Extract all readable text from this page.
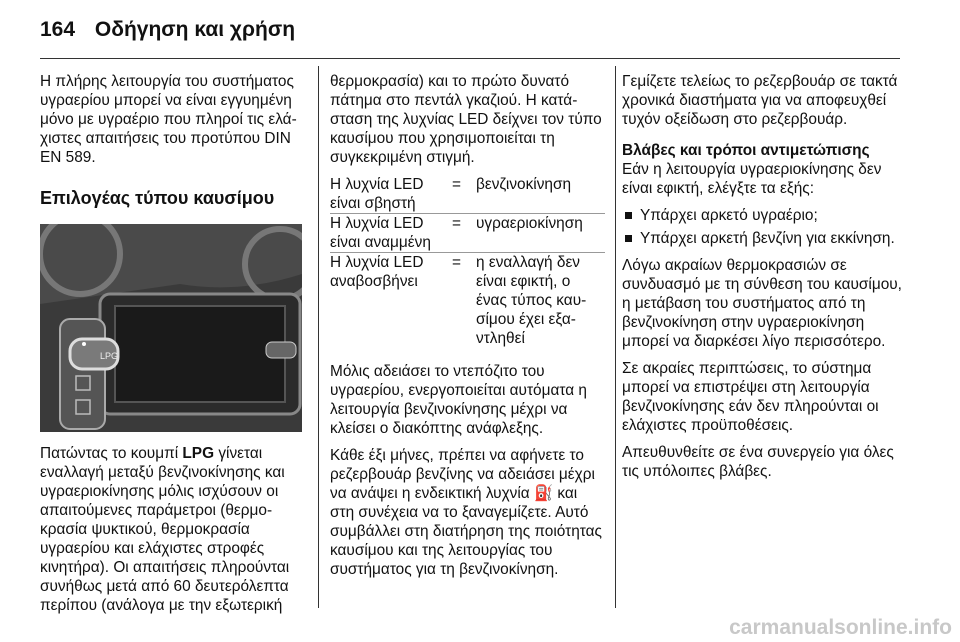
164 Οδήγηση και χρήση

Η πλήρης λειτουργία του συστήματος υγραερίου μπορεί να είναι εγγυημένη μόνο με υγραέριο που πληροί τις ελάχιστες απαιτήσεις του προτύπου DIN EN 589.

Επιλογέας τύπου καυσίμου
LPG

Πατώντας το κουμπί LPG γίνεται εναλλαγή μεταξύ βενζινοκίνησης και υγραεριοκίνησης μόλις ισχύσουν οι απαιτούμενες παράμετροι (θερμοκρασία ψυκτικού, θερμοκρασία υγραερίου και ελάχιστες στροφές κινητήρα). Οι απαιτήσεις πληρούνται συνήθως μετά από 60 δευτερόλεπτα περίπου (ανάλογα με την εξωτερική

θερμοκρασία) και το πρώτο δυνατό πάτημα στο πεντάλ γκαζιού. Η κατάσταση της λυχνίας LED δείχνει τον τύπο καυσίμου που χρησιμοποιείται τη συγκεκριμένη στιγμή.

Η λυχνία LED είναι σβηστή	=	βενζινοκίνηση
Η λυχνία LED είναι αναμμένη	=	υγραεριοκίνηση
Η λυχνία LED αναβοσβήνει	=	η εναλλαγή δεν είναι εφικτή, ο ένας τύπος καυσίμου έχει εξαντληθεί

Μόλις αδειάσει το ντεπόζιτο του υγραερίου, ενεργοποιείται αυτόματα η λειτουργία βενζινοκίνησης μέχρι να κλείσει ο διακόπτης ανάφλεξης.

Κάθε έξι μήνες, πρέπει να αφήνετε το ρεζερβουάρ βενζίνης να αδειάσει μέχρι να ανάψει η ενδεικτική λυχνία ⛽ και στη συνέχεια να το ξαναγεμίζετε. Αυτό συμβάλλει στη διατήρηση της ποιότητας καυσίμου και της λειτουργίας του συστήματος για τη βενζινοκίνηση.

Γεμίζετε τελείως το ρεζερβουάρ σε τακτά χρονικά διαστήματα για να αποφευχθεί τυχόν οξείδωση στο ρεζερβουάρ.

Βλάβες και τρόποι αντιμετώπισης

Εάν η λειτουργία υγραεριοκίνησης δεν είναι εφικτή, ελέγξτε τα εξής:

Υπάρχει αρκετό υγραέριο;
Υπάρχει αρκετή βενζίνη για εκκίνηση.

Λόγω ακραίων θερμοκρασιών σε συνδυασμό με τη σύνθεση του καυσίμου, η μετάβαση του συστήματος από τη βενζινοκίνηση στην υγραεριοκίνηση μπορεί να διαρκέσει λίγο περισσότερο.

Σε ακραίες περιπτώσεις, το σύστημα μπορεί να επιστρέψει στη λειτουργία βενζινοκίνησης εάν δεν πληρούνται οι ελάχιστες προϋποθέσεις.

Απευθυνθείτε σε ένα συνεργείο για όλες τις υπόλοιπες βλάβες.

carmanualsonline.info
